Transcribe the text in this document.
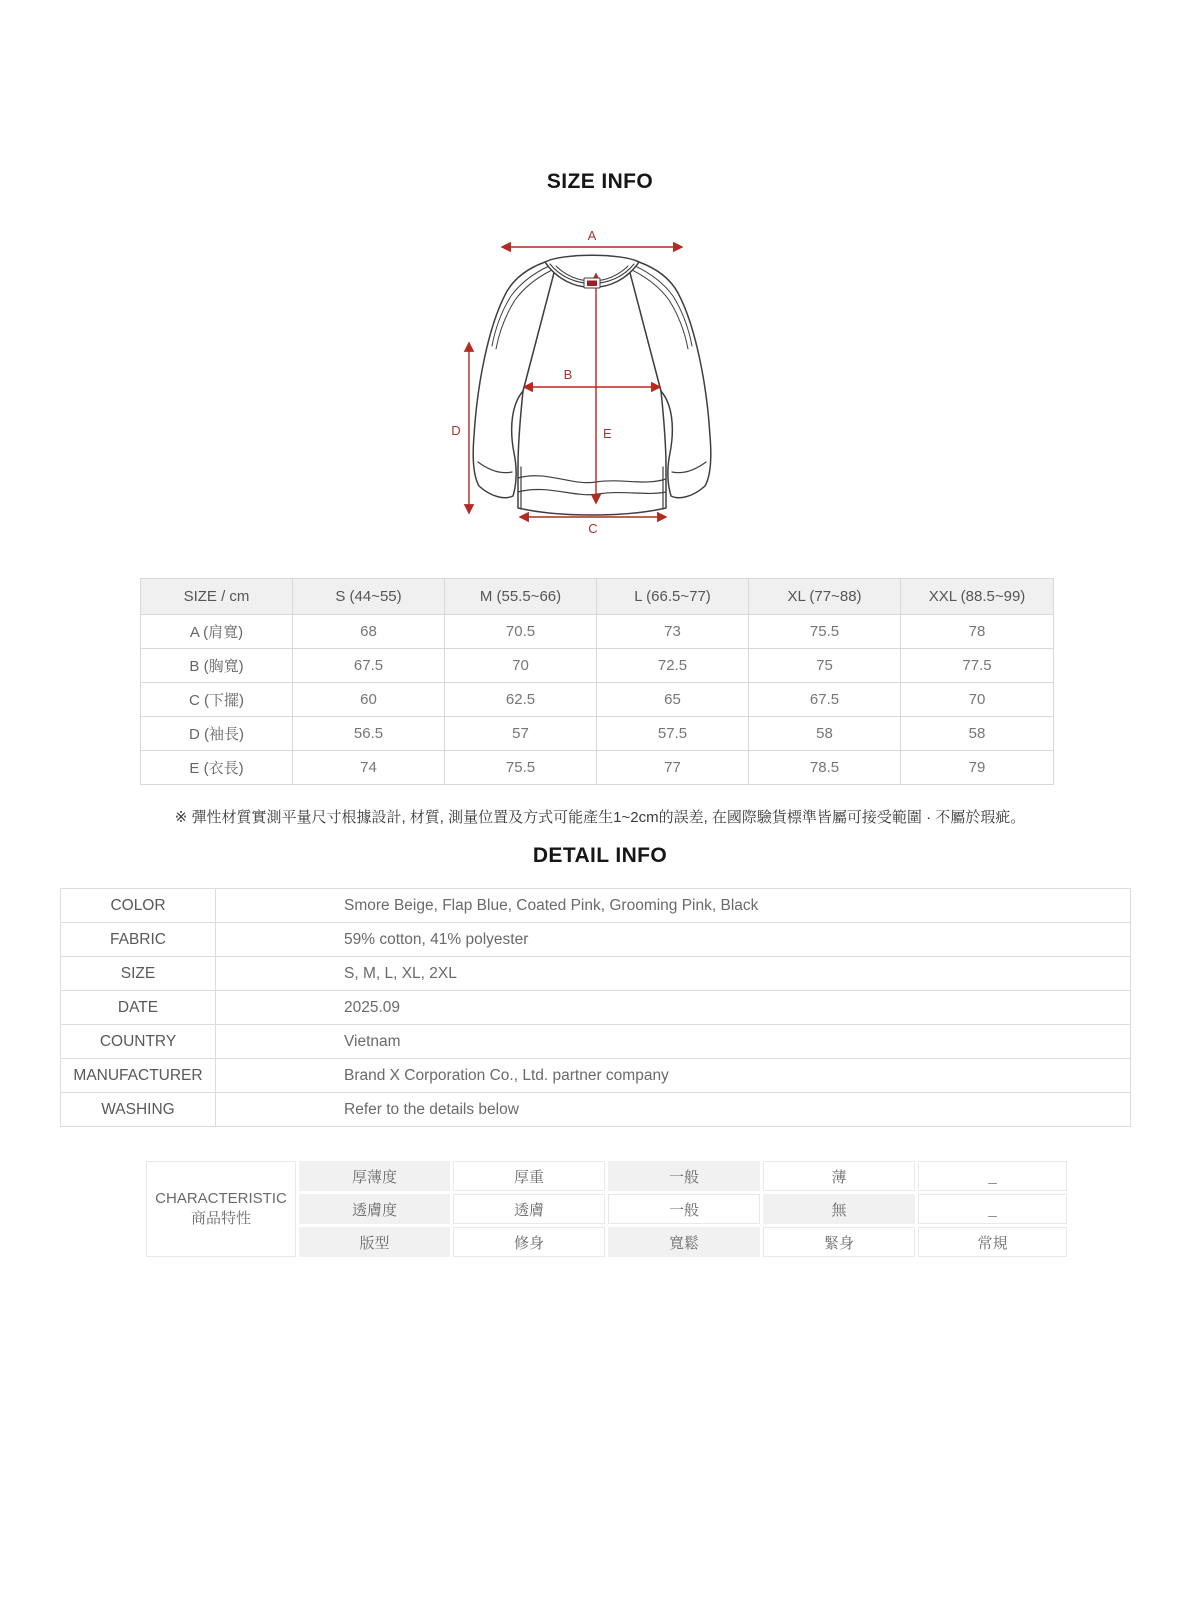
SIZE INFO
A
B
C
D	E
SIZE / cm	S (44~55)	M (55.5~66)	L (66.5~77)	XL (77~88)	XXL (88.5~99)
A (肩寬)	68	70.5	73	75.5	78
B (胸寬)	67.5	70	72.5	75	77.5
C (下擺)	60	62.5	65	67.5	70
D (袖長)	56.5	57	57.5	58	58
E (衣長)	74	75.5	77	78.5	79

※ 彈性材質實測平量尺寸根據設計, 材質, 測量位置及方式可能產生1~2cm的誤差, 在國際驗貨標準皆屬可接受範圍 · 不屬於瑕疵。

DETAIL INFO
COLOR	Smore Beige, Flap Blue, Coated Pink, Grooming Pink, Black
FABRIC	59% cotton, 41% polyester
SIZE	S, M, L, XL, 2XL
DATE	2025.09
COUNTRY	Vietnam
MANUFACTURER	Brand X Corporation Co., Ltd. partner company
WASHING	Refer to the details below
CHARACTERISTIC
商品特性	厚薄度	厚重	一般	薄	_
	透膚度	透膚	一般	無	_
	版型	修身	寬鬆	緊身	常規
